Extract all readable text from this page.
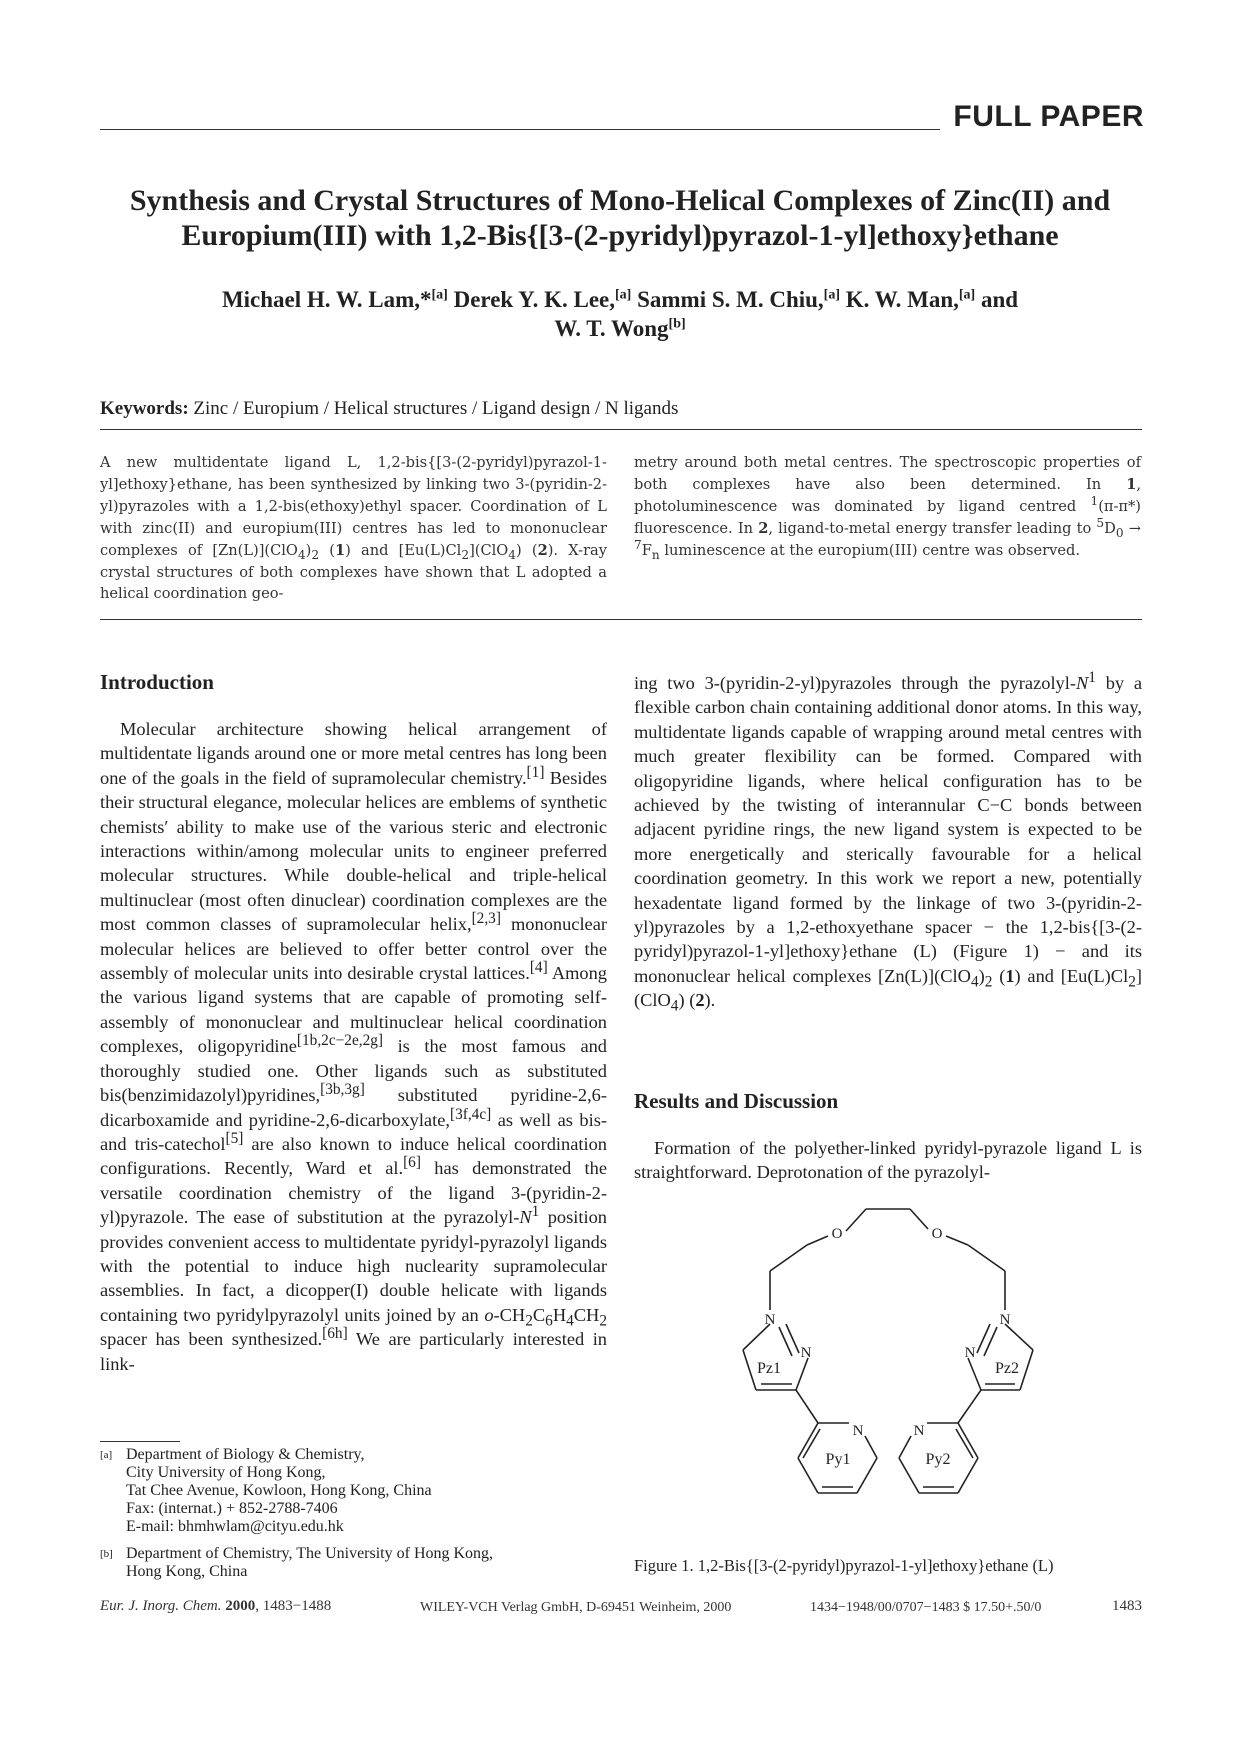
FULL PAPER
Synthesis and Crystal Structures of Mono-Helical Complexes of Zinc(II) and
Europium(III) with 1,2-Bis{[3-(2-pyridyl)pyrazol-1-yl]ethoxy}ethane
Michael H. W. Lam,*[a] Derek Y. K. Lee,[a] Sammi S. M. Chiu,[a] K. W. Man,[a] and
W. T. Wong[b]
Keywords: Zinc / Europium / Helical structures / Ligand design / N ligands
A new multidentate ligand L, 1,2-bis{[3-(2-pyridyl)pyrazol-1-yl]ethoxy}ethane, has been synthesized by linking two 3-(pyridin-2-yl)pyrazoles with a 1,2-bis(ethoxy)ethyl spacer. Coordination of L with zinc(II) and europium(III) centres has led to mononuclear complexes of $[Zn(L)](ClO_4)_2$ (1) and $[Eu(L)Cl_2](ClO_4)$ (2). X-ray crystal structures of both complexes have shown that L adopted a helical coordination geo-
metry around both metal centres. The spectroscopic properties of both complexes have also been determined. In 1, photoluminescence was dominated by ligand centred $^1$(π-π*) fluorescence. In 2, ligand-to-metal energy transfer leading to $^5D_0 \to ^7F_n$ luminescence at the europium(III) centre was observed.
Introduction

Molecular architecture showing helical arrangement of multidentate ligands around one or more metal centres has long been one of the goals in the field of supramolecular chemistry.[1] Besides their structural elegance, molecular helices are emblems of synthetic chemists′ ability to make use of the various steric and electronic interactions within/among molecular units to engineer preferred molecular structures. While double-helical and triple-helical multinuclear (most often dinuclear) coordination complexes are the most common classes of supramolecular helix,[2,3] mononuclear molecular helices are believed to offer better control over the assembly of molecular units into desirable crystal lattices.[4] Among the various ligand systems that are capable of promoting self-assembly of mononuclear and multinuclear helical coordination complexes, oligopyridine[1b,2c−2e,2g] is the most famous and thoroughly studied one. Other ligands such as substituted bis(benzimidazolyl)pyridines,[3b,3g] substituted pyridine-2,6-dicarboxamide and pyridine-2,6-dicarboxylate,[3f,4c] as well as bis- and tris-catechol[5] are also known to induce helical coordination configurations. Recently, Ward et al.[6] has demonstrated the versatile coordination chemistry of the ligand 3-(pyridin-2-yl)pyrazole. The ease of substitution at the pyrazolyl-$N^1$ position provides convenient access to multidentate pyridyl-pyrazolyl ligands with the potential to induce high nuclearity supramolecular assemblies. In fact, a dicopper(I) double helicate with ligands containing two pyridylpyrazolyl units joined by an $o-CH_2C_6H_4CH_2$ spacer has been synthesized.[6h] We are particularly interested in link-

ing two 3-(pyridin-2-yl)pyrazoles through the pyrazolyl-$N^1$ by a flexible carbon chain containing additional donor atoms. In this way, multidentate ligands capable of wrapping around metal centres with much greater flexibility can be formed. Compared with oligopyridine ligands, where helical configuration has to be achieved by the twisting of interannular C−C bonds between adjacent pyridine rings, the new ligand system is expected to be more energetically and sterically favourable for a helical coordination geometry. In this work we report a new, potentially hexadentate ligand formed by the linkage of two 3-(pyridin-2-yl)pyrazoles by a 1,2-ethoxyethane spacer − the 1,2-bis{[3-(2-pyridyl)pyrazol-1-yl]ethoxy}ethane (L) (Figure 1) − and its mononuclear helical complexes $[Zn(L)](ClO_4)_2$ (1) and $[Eu(L)Cl_2](ClO_4)$ (2).

Results and Discussion

Formation of the polyether-linked pyridyl-pyrazole ligand L is straightforward. Deprotonation of the pyrazolyl-

O	O
N
N
N
N
N	N
Pz1	Pz2
Py1	Py2
Figure 1. 1,2-Bis{[3-(2-pyridyl)pyrazol-1-yl]ethoxy}ethane (L)
[a] Department of Biology & Chemistry,
City University of Hong Kong,
Tat Chee Avenue, Kowloon, Hong Kong, China
Fax: (internat.) + 852-2788-7406
E-mail: bhmhwlam@cityu.edu.hk
[b] Department of Chemistry, The University of Hong Kong,
Hong Kong, China
Eur. J. Inorg. Chem. 2000, 1483−1488	WILEY-VCH Verlag GmbH, D-69451 Weinheim, 2000	1434−1948/00/0707−1483 $ 17.50+.50/0	1483
